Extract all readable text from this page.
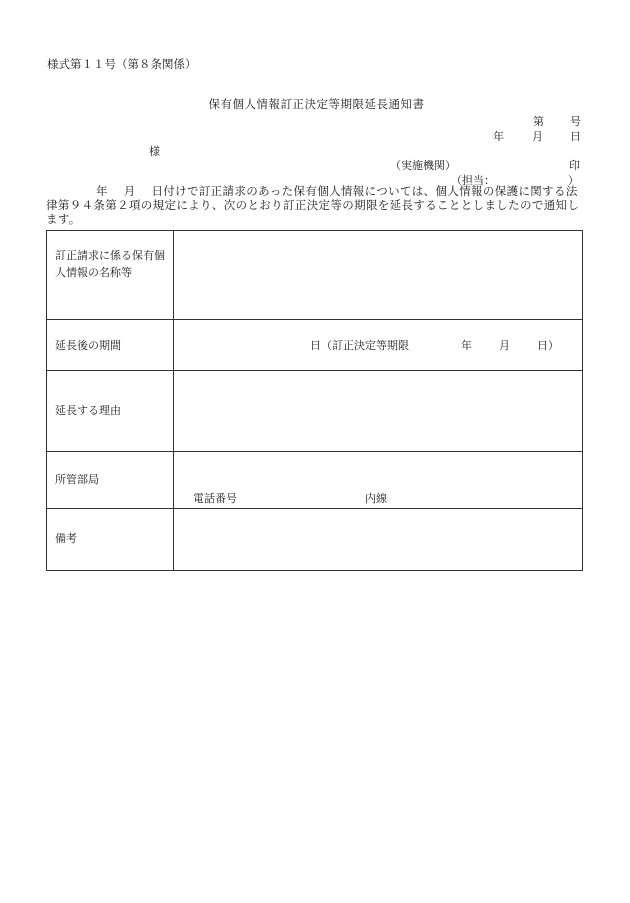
様式第１１号（第８条関係）
保有個人情報訂正決定等期限延長通知書
第 号
年	月 日
様
（実施機関）	印
（担当：	）
年　 月　 日付けで訂正請求のあった保有個人情報については、個人情報の保護に関する法律第９４条第２項の規定により、次のとおり訂正決定等の期限を延長することとしましたので通知します。
訂正請求に係る保有個人情報の名称等	

延長後の期間	日（訂正決定等期限 年 月 日）

延長する理由	

所管部局	電話番号 内線

備考	
